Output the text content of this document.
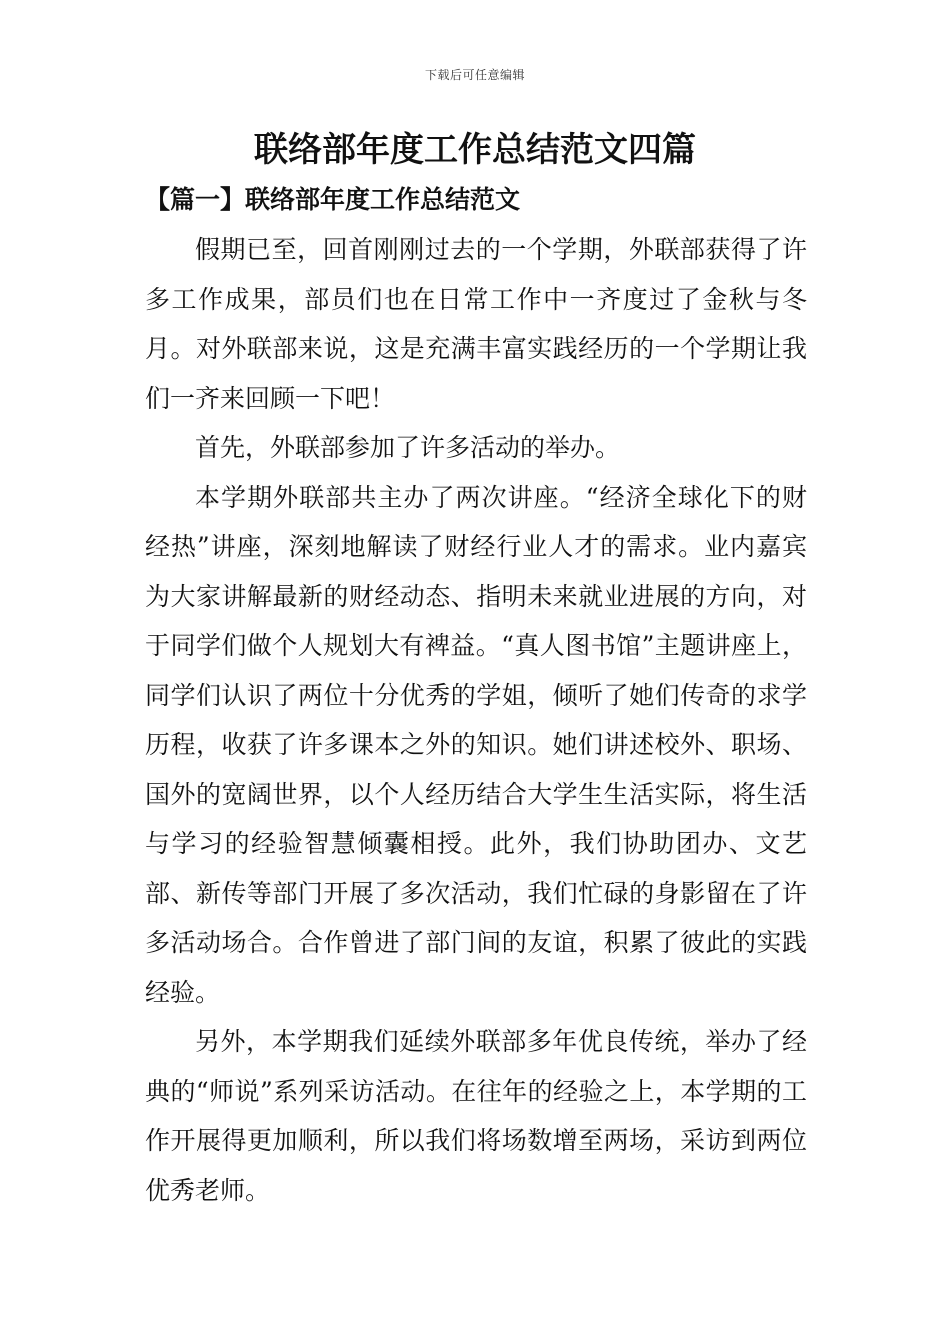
下载后可任意编辑
联络部年度工作总结范文四篇
【篇一】联络部年度工作总结范文

假期已至，回首刚刚过去的一个学期，外联部获得了许多工作成果，部员们也在日常工作中一齐度过了金秋与冬月。对外联部来说，这是充满丰富实践经历的一个学期让我们一齐来回顾一下吧！

首先，外联部参加了许多活动的举办。

本学期外联部共主办了两次讲座。“经济全球化下的财经热”讲座，深刻地解读了财经行业人才的需求。业内嘉宾为大家讲解最新的财经动态、指明未来就业进展的方向，对于同学们做个人规划大有裨益。“真人图书馆”主题讲座上，同学们认识了两位十分优秀的学姐，倾听了她们传奇的求学历程，收获了许多课本之外的知识。她们讲述校外、职场、国外的宽阔世界，以个人经历结合大学生生活实际，将生活与学习的经验智慧倾囊相授。此外，我们协助团办、文艺部、新传等部门开展了多次活动，我们忙碌的身影留在了许多活动场合。合作曾进了部门间的友谊，积累了彼此的实践经验。

另外，本学期我们延续外联部多年优良传统，举办了经典的“师说”系列采访活动。在往年的经验之上，本学期的工作开展得更加顺利，所以我们将场数增至两场，采访到两位优秀老师。
